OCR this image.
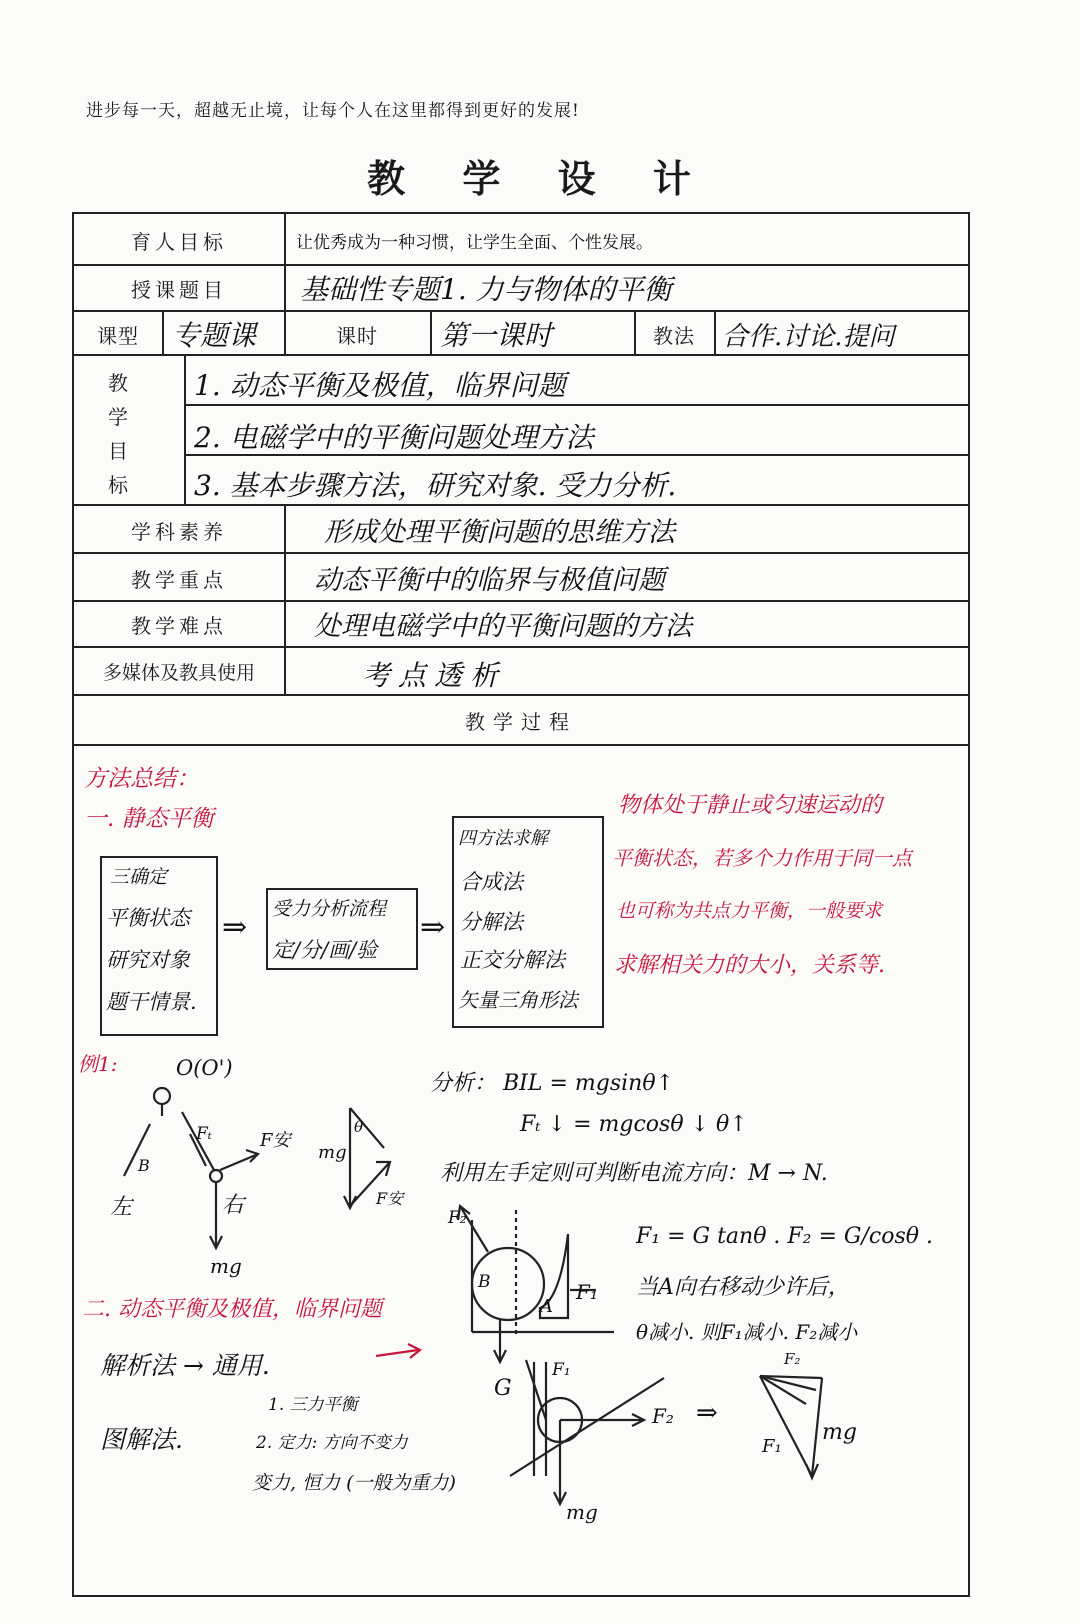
进步每一天，超越无止境，让每个人在这里都得到更好的发展!
教 学 设 计
育人目标	让优秀成为一种习惯，让学生全面、个性发展。
授课题目	基础性专题1. 力与物体的平衡
课型	专题课	课时	第一课时	教法	合作.讨论.提问
教
学
目
标
1. 动态平衡及极值，临界问题
2. 电磁学中的平衡问题处理方法
3. 基本步骤方法，研究对象. 受力分析.
学科素养	形成处理平衡问题的思维方法
教学重点	动态平衡中的临界与极值问题
教学难点	处理电磁学中的平衡问题的方法
多媒体及教具使用	考点透析
教学过程
方法总结：
一. 静态平衡
三确定
平衡状态
研究对象
题干情景.
⇒
受力分析流程
定/分/画/验
⇒
四方法求解
合成法
分解法
正交分解法
矢量三角形法
物体处于静止或匀速运动的
平衡状态，若多个力作用于同一点
也可称为共点力平衡，一般要求
求解相关力的大小，关系等.
例1:	O(O')
左	右
B
Fₜ	F安
mg
mg
θ
F安
分析： BIL = mgsinθ↑
Fₜ ↓ = mgcosθ ↓ θ↑
利用左手定则可判断电流方向：M → N.
F₂
B
A
F₁
G
F₁
F₂ ⇒
mg
mg
F₁
F₂
F₁ = G tanθ . F₂ = G/cosθ .
当A向右移动少许后，
θ减小. 则F₁减小. F₂减小
二. 动态平衡及极值，临界问题
解析法 → 通用.
图解法.
1. 三力平衡
2. 定力: 方向不变力
变力, 恒力 (一般为重力)
